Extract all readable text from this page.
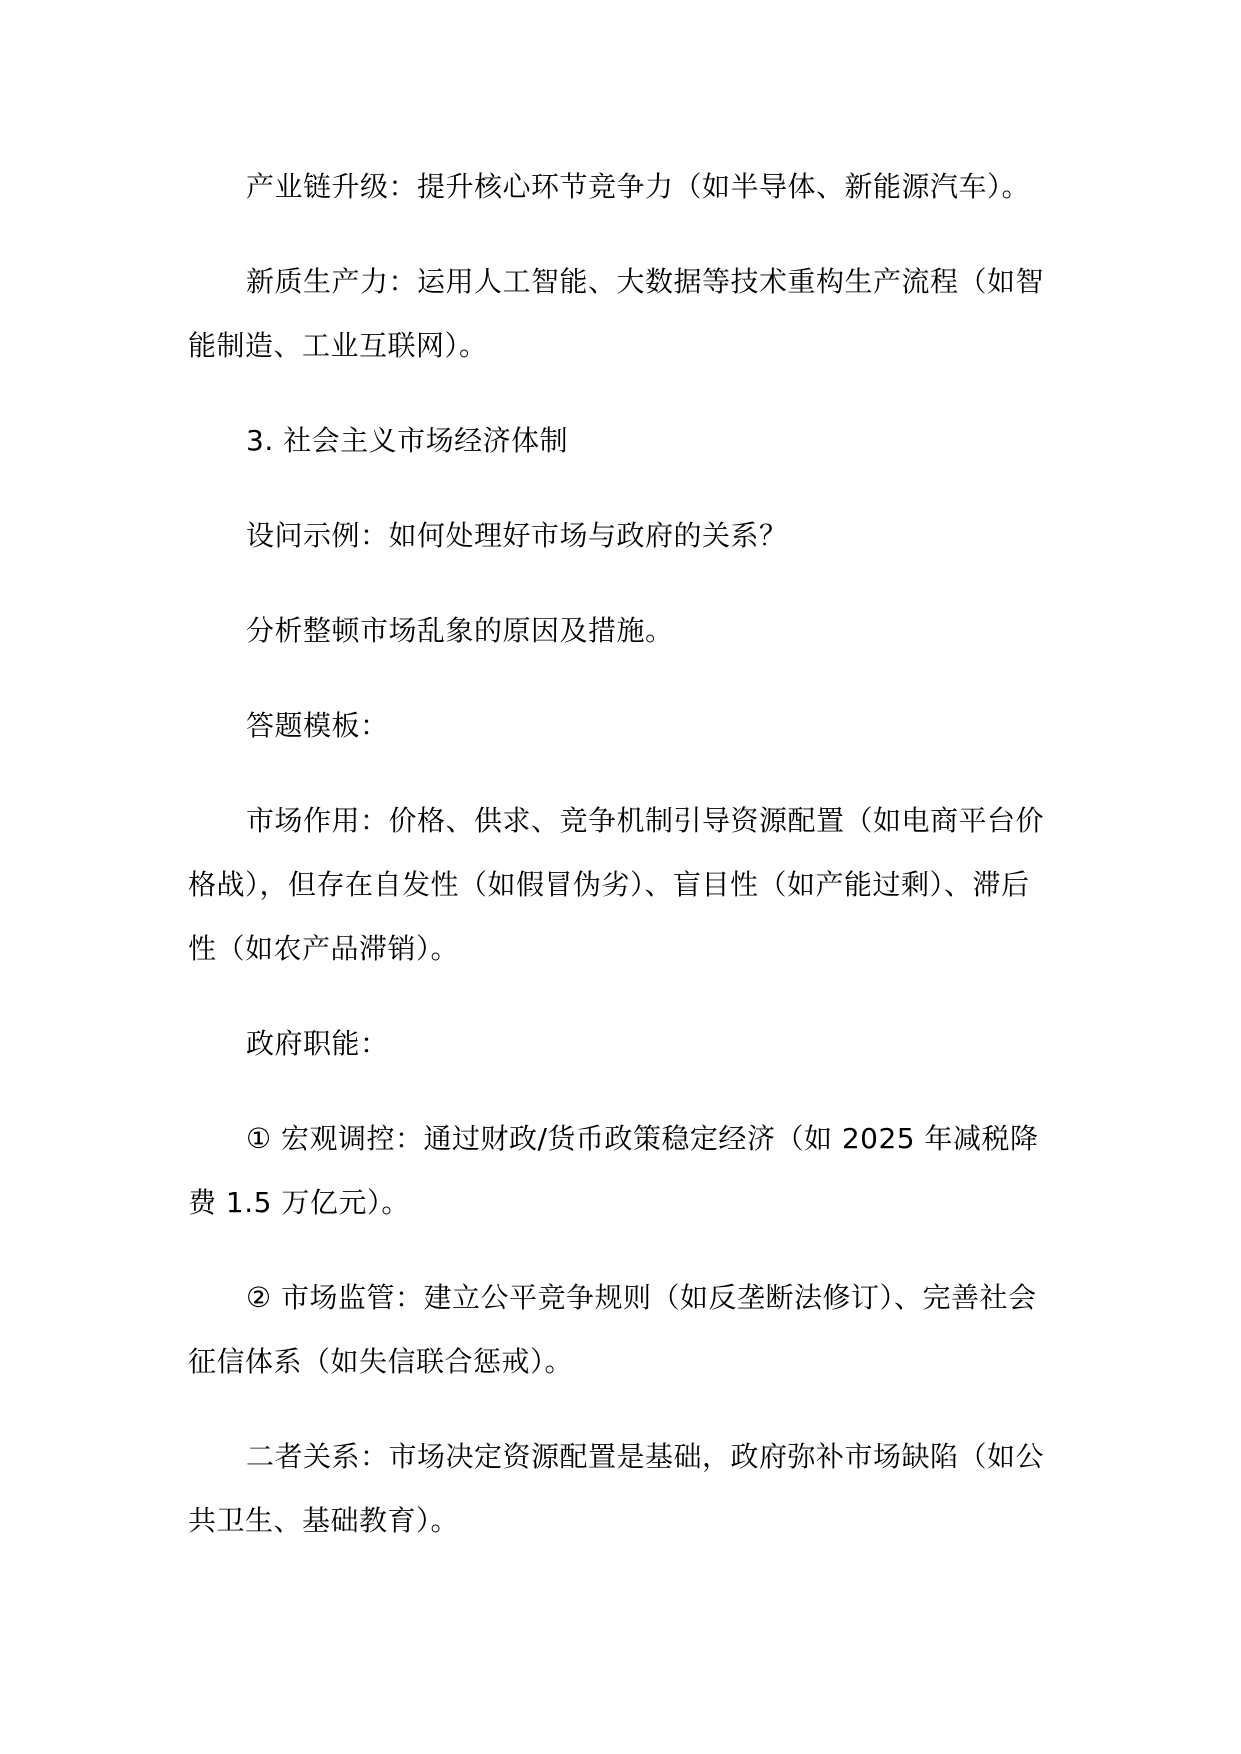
产业链升级：提升核心环节竞争力（如半导体、新能源汽车）。

新质生产力：运用人工智能、大数据等技术重构生产流程（如智能制造、工业互联网）。

3. 社会主义市场经济体制

设问示例：如何处理好市场与政府的关系？

分析整顿市场乱象的原因及措施。

答题模板：

市场作用：价格、供求、竞争机制引导资源配置（如电商平台价格战），但存在自发性（如假冒伪劣）、盲目性（如产能过剩）、滞后性（如农产品滞销）。

政府职能：

① 宏观调控：通过财政/货币政策稳定经济（如 2025 年减税降费 1.5 万亿元）。

② 市场监管：建立公平竞争规则（如反垄断法修订）、完善社会征信体系（如失信联合惩戒）。

二者关系：市场决定资源配置是基础，政府弥补市场缺陷（如公共卫生、基础教育）。
